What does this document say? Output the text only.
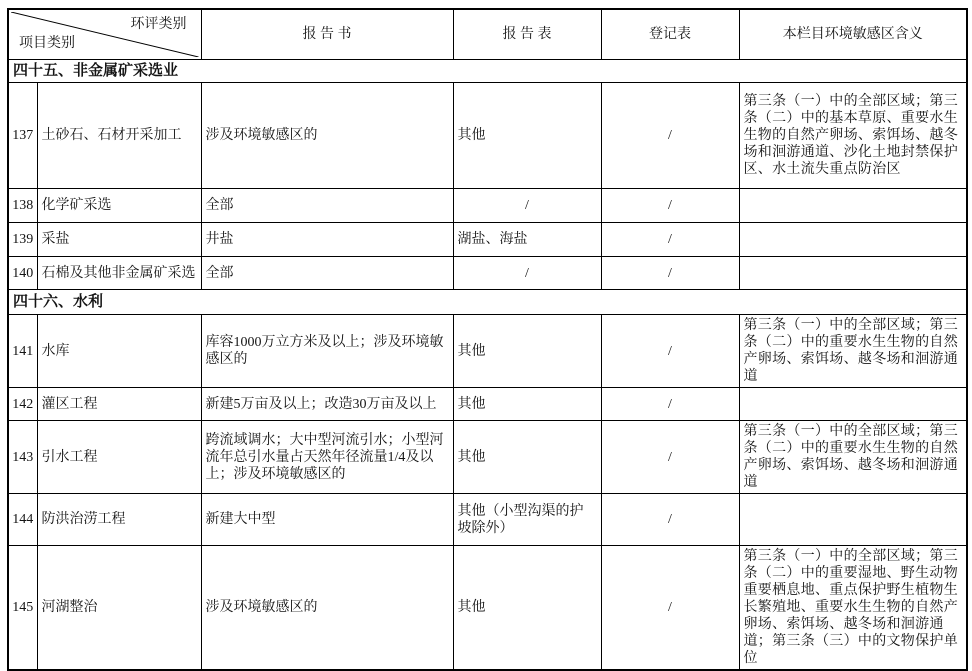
环评类别
项目类别		报 告 书	报 告 表	登记表	本栏目环境敏感区含义
四十五、非金属矿采选业					
137	土砂石、石材开采加工	涉及环境敏感区的	其他	/	第三条（一）中的全部区域；第三条（二）中的基本草原、重要水生生物的自然产卵场、索饵场、越冬场和洄游通道、沙化土地封禁保护区、水土流失重点防治区
138	化学矿采选	全部	/	/	
139	采盐	井盐	湖盐、海盐	/	
140	石棉及其他非金属矿采选	全部	/	/	
四十六、水利					
141	水库	库容1000万立方米及以上；涉及环境敏感区的	其他	/	第三条（一）中的全部区域；第三条（二）中的重要水生生物的自然产卵场、索饵场、越冬场和洄游通道
142	灌区工程	新建5万亩及以上；改造30万亩及以上	其他	/	
143	引水工程	跨流域调水；大中型河流引水；小型河流年总引水量占天然年径流量1/4及以上；涉及环境敏感区的	其他	/	第三条（一）中的全部区域；第三条（二）中的重要水生生物的自然产卵场、索饵场、越冬场和洄游通道
144	防洪治涝工程	新建大中型	其他（小型沟渠的护坡除外）	/	
145	河湖整治	涉及环境敏感区的	其他	/	第三条（一）中的全部区域；第三条（二）中的重要湿地、野生动物重要栖息地、重点保护野生植物生长繁殖地、重要水生生物的自然产卵场、索饵场、越冬场和洄游通道；第三条（三）中的文物保护单位
